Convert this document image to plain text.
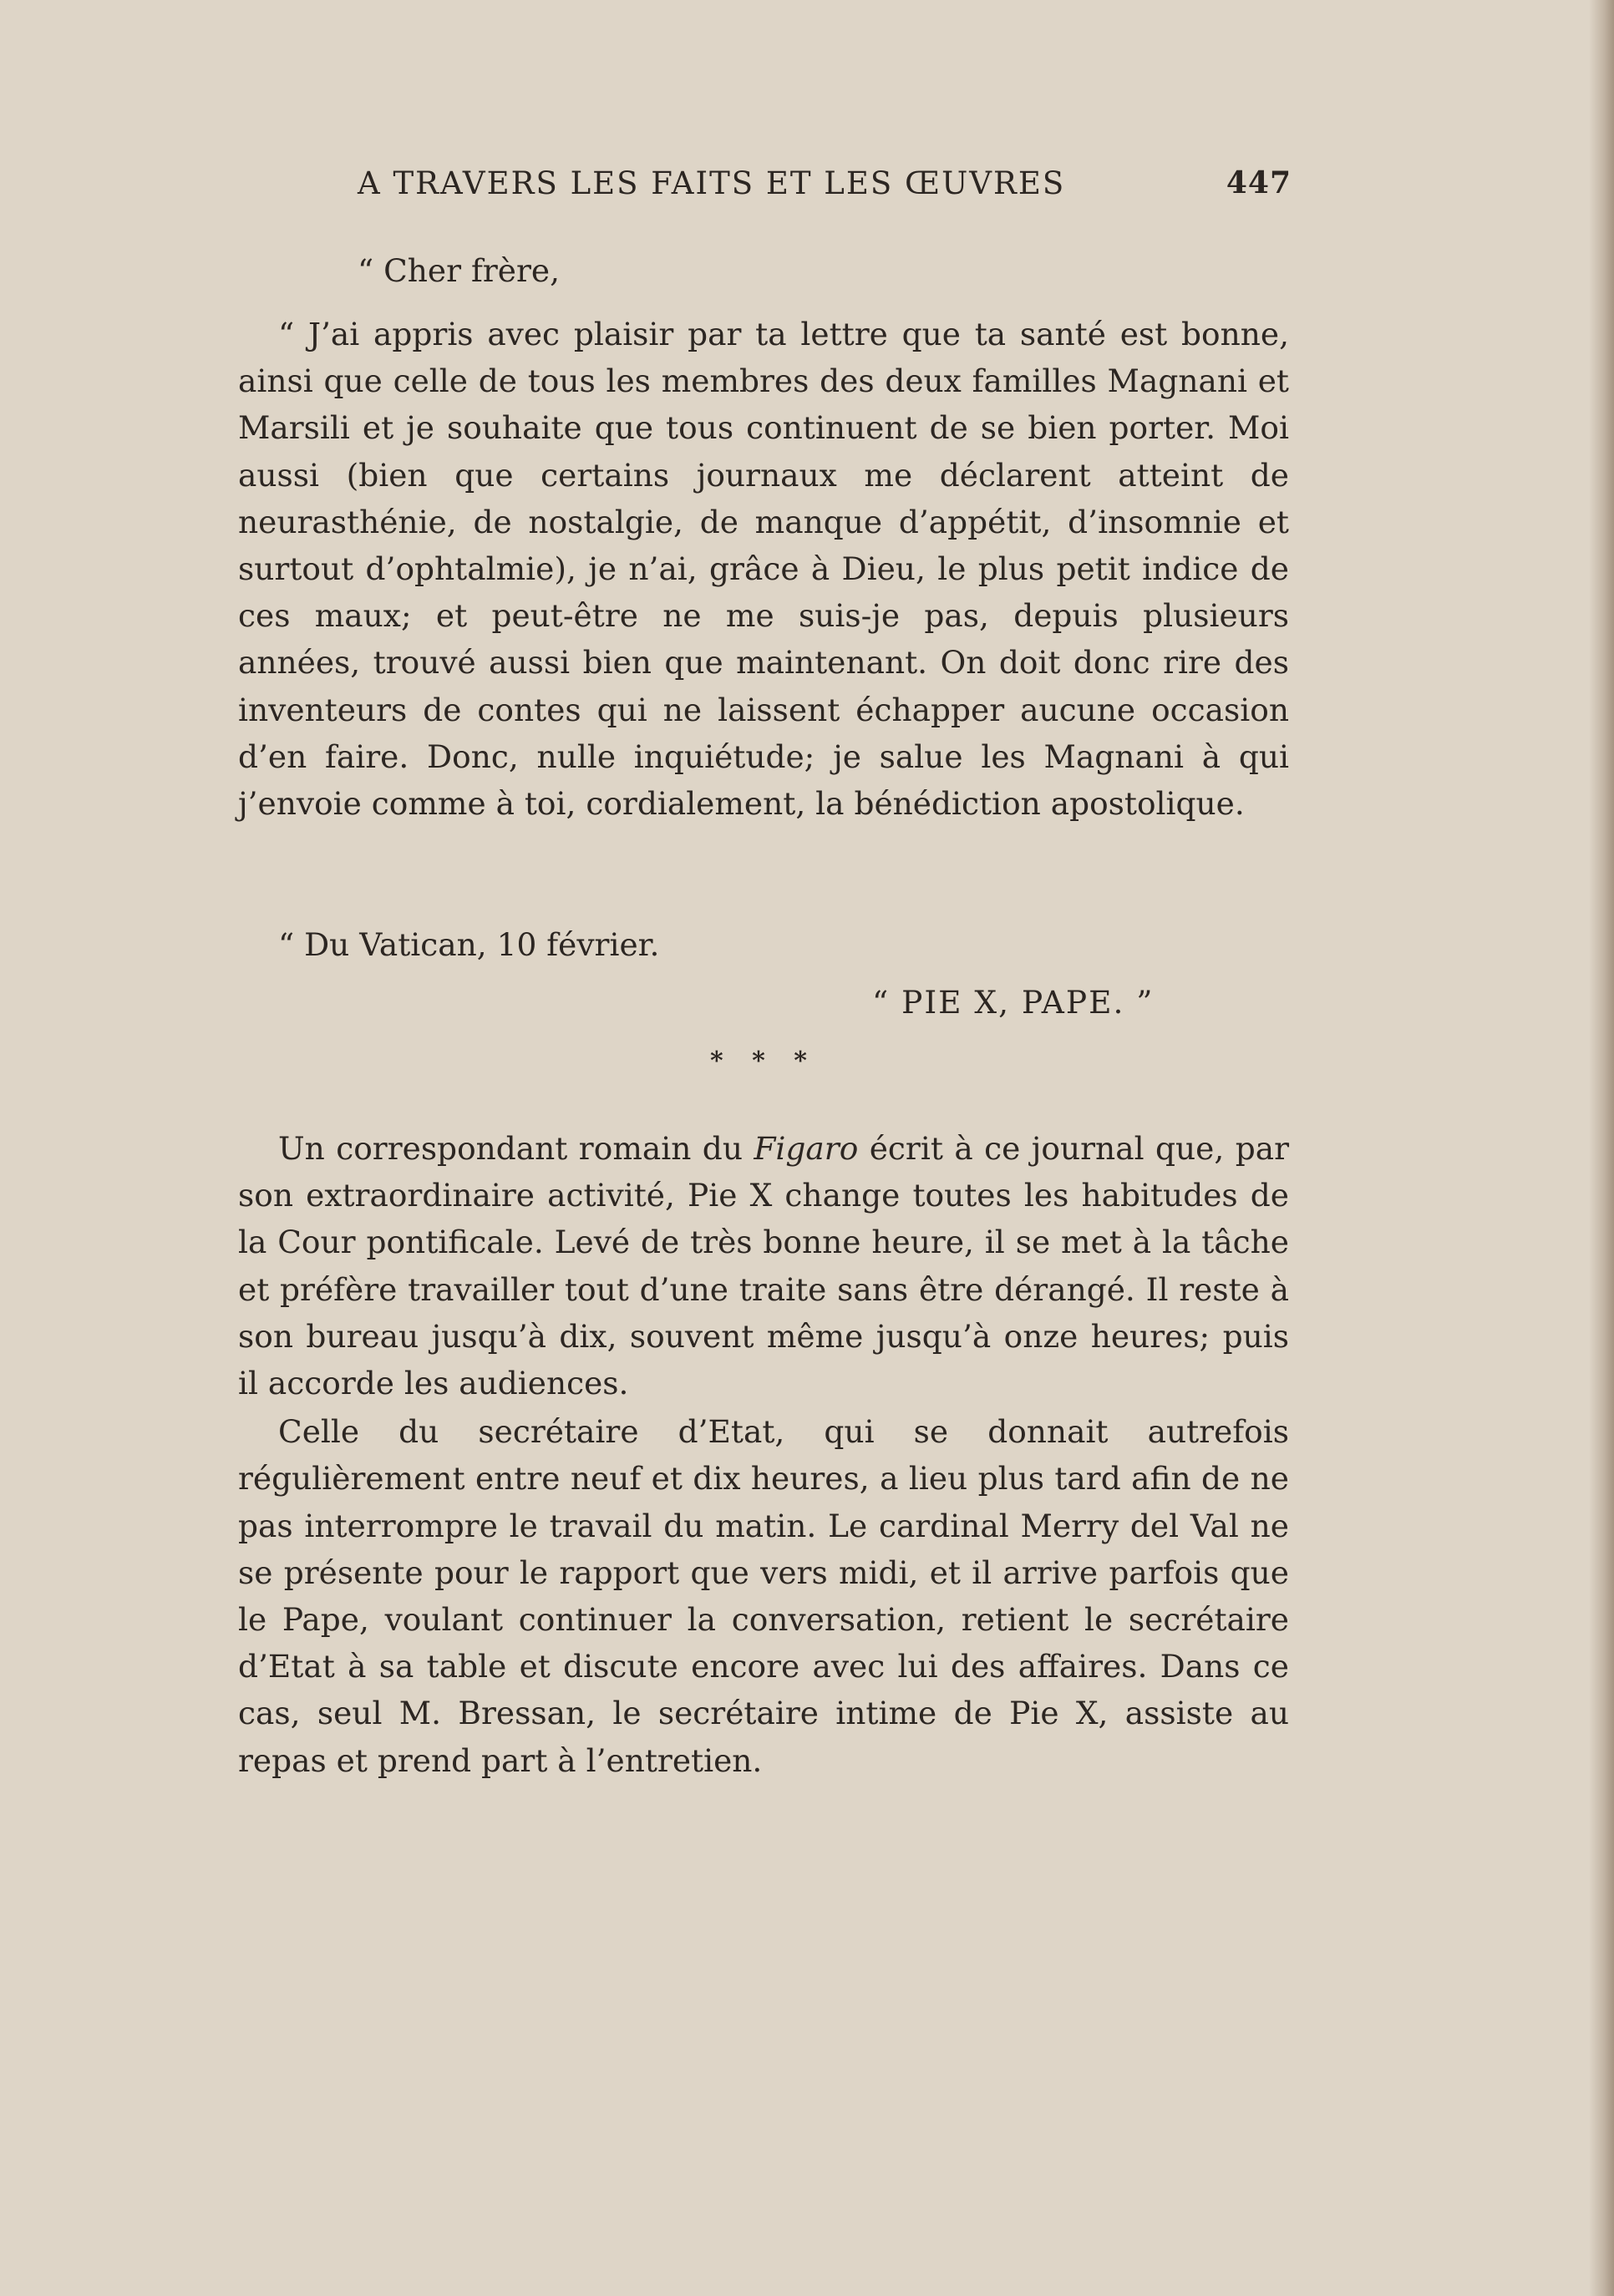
A TRAVERS LES FAITS ET LES ŒUVRES	447
“ Cher frère,

“ J’ai appris avec plaisir par ta lettre que ta santé est bonne, ainsi que celle de tous les membres des deux familles Magnani et Marsili et je souhaite que tous continuent de se bien porter. Moi aussi (bien que certains journaux me déclarent atteint de neurasthénie, de nostalgie, de manque d’appétit, d’insomnie et surtout d’ophtalmie), je n’ai, grâce à Dieu, le plus petit indice de ces maux; et peut-être ne me suis-je pas, depuis plusieurs années, trouvé aussi bien que maintenant. On doit donc rire des inventeurs de contes qui ne laissent échapper aucune occasion d’en faire. Donc, nulle inquiétude; je salue les Magnani à qui j’envoie comme à toi, cordialement, la bénédiction apostolique.

“ Du Vatican, 10 février.

“ PIE X, PAPE. ”
* * *

Un correspondant romain du Figaro écrit à ce journal que, par son extraordinaire activité, Pie X change toutes les habitudes de la Cour pontificale. Levé de très bonne heure, il se met à la tâche et préfère travailler tout d’une traite sans être dérangé. Il reste à son bureau jusqu’à dix, souvent même jusqu’à onze heures; puis il accorde les audiences.

Celle du secrétaire d’Etat, qui se donnait autrefois régulièrement entre neuf et dix heures, a lieu plus tard afin de ne pas interrompre le travail du matin. Le cardinal Merry del Val ne se présente pour le rapport que vers midi, et il arrive parfois que le Pape, voulant continuer la conversation, retient le secrétaire d’Etat à sa table et discute encore avec lui des affaires. Dans ce cas, seul M. Bressan, le secrétaire intime de Pie X, assiste au repas et prend part à l’entretien.
